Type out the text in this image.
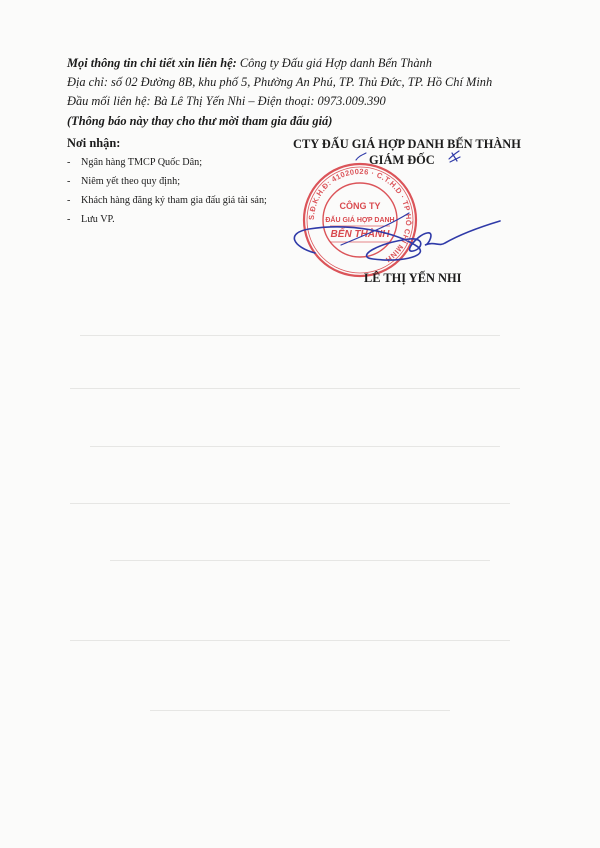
Mọi thông tin chi tiết xin liên hệ: Công ty Đấu giá Hợp danh Bến Thành
Địa chỉ: số 02 Đường 8B, khu phố 5, Phường An Phú, TP. Thủ Đức, TP. Hồ Chí Minh
Đầu mối liên hệ: Bà Lê Thị Yến Nhi – Điện thoại: 0973.009.390
(Thông báo này thay cho thư mời tham gia đấu giá)
Nơi nhận:
- Ngân hàng TMCP Quốc Dân;
- Niêm yết theo quy định;
- Khách hàng đăng ký tham gia đấu giá tài sản;
- Lưu VP.
CTY ĐẤU GIÁ HỢP DANH BẾN THÀNH
GIÁM ĐỐC
S.Đ.K.H.Đ: 41020026 · C.T.H.D · TP HỒ CHÍ MINH
CÔNG TY
ĐẤU GIÁ HỢP DANH
BẾN THÀNH
LÊ THỊ YẾN NHI
